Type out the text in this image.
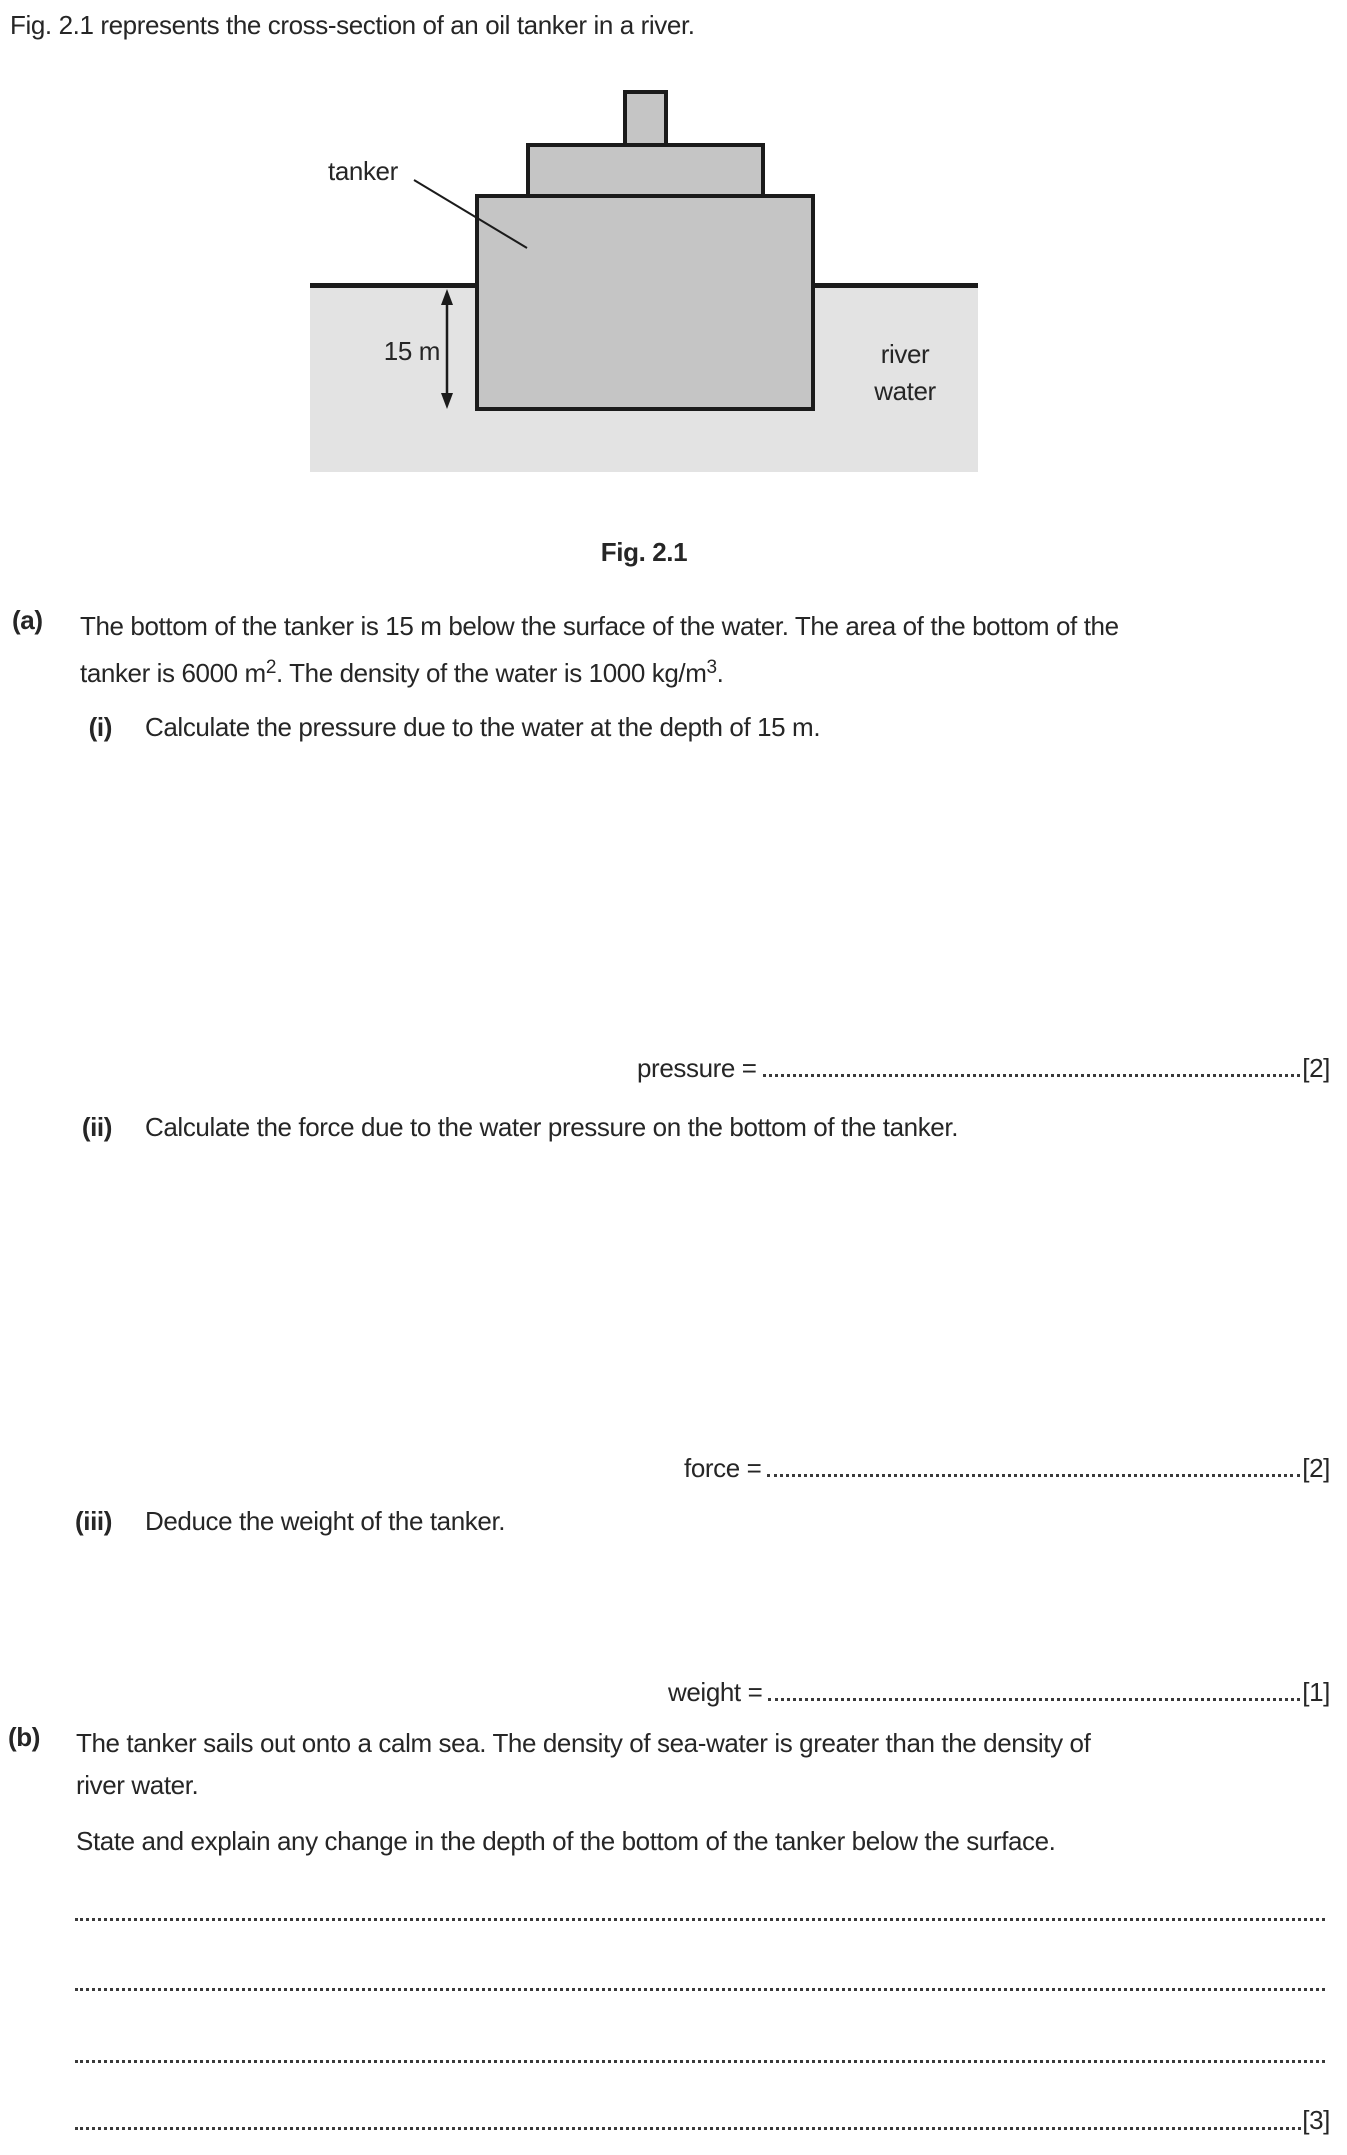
Fig. 2.1 represents the cross-section of an oil tanker in a river.
tanker
15 m	river
water
Fig. 2.1
(a)	The bottom of the tanker is 15 m below the surface of the water. The area of the bottom of the
tanker is 6000 $m^2$. The density of the water is 1000 $kg/m^3$.
(i) Calculate the pressure due to the water at the depth of 15 m.
pressure =	[2]
(ii) Calculate the force due to the water pressure on the bottom of the tanker.
force =	[2]
(iii) Deduce the weight of the tanker.
weight =	[1]
(b)	The tanker sails out onto a calm sea. The density of sea-water is greater than the density of
river water.
State and explain any change in the depth of the bottom of the tanker below the surface.
[3]
